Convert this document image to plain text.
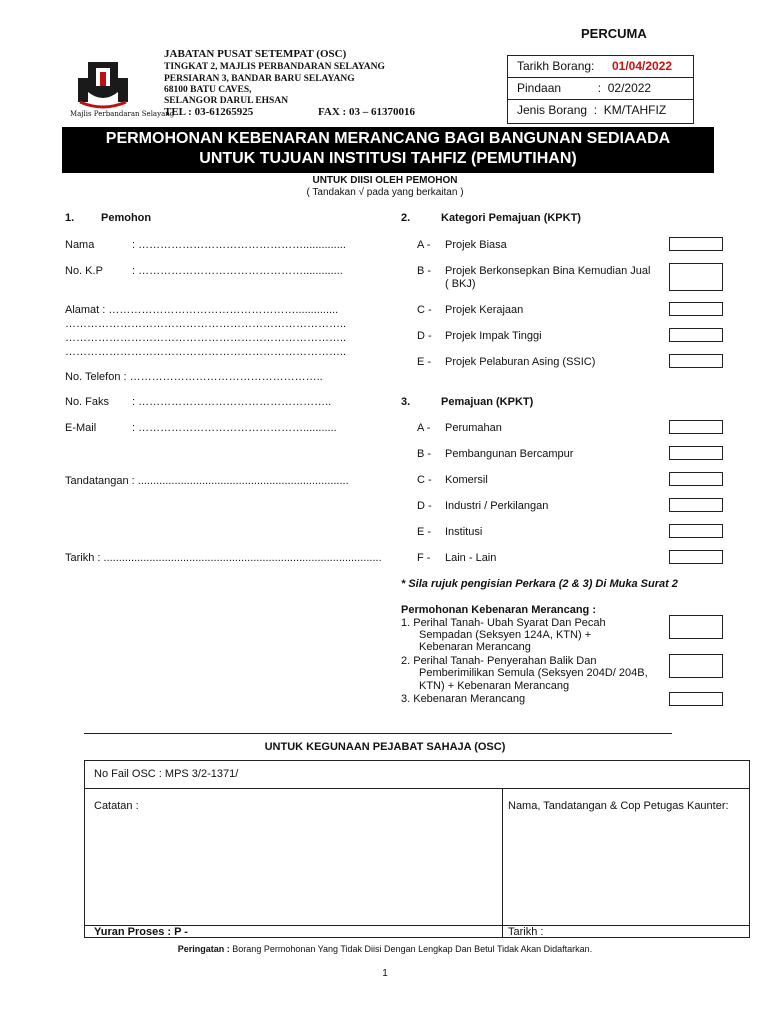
PERCUMA
Majlis Perbandaran Selayang
JABATAN PUSAT SETEMPAT (OSC)
TINGKAT 2, MAJLIS PERBANDARAN SELAYANG
PERSIARAN 3, BANDAR BARU SELAYANG
68100 BATU CAVES,
SELANGOR DARUL EHSAN
TEL : 03-61265925	FAX : 03 – 61370016
Tarikh Borang: 01/04/2022
Pindaan           :  02/2022
Jenis Borang  :  KM/TAHFIZ
PERMOHONAN KEBENARAN MERANCANG BAGI BANGUNAN SEDIAADA
UNTUK TUJUAN INSTITUSI TAHFIZ (PEMUTIHAN)
UNTUK DIISI OLEH PEMOHON
( Tandakan √ pada yang berkaitan )
1. Pemohon
Nama	: ………………………………………..............
No. K.P	: ……………………………………….............
Alamat : ……………………………………………..............
…………………………………………………………………..
…………………………………………………………………..
…………………………………………………………………..
No. Telefon : ……………………………………………..
No. Faks : ……………………………………………..
E-Mail	: ………………………………………...........
Tandatangan : .....................................................................
Tarikh : ...........................................................................................
2.	Kategori Pemajuan (KPKT)
A - Projek Biasa
B - Projek Berkonsepkan Bina Kemudian Jual
( BKJ)
C - Projek Kerajaan
D - Projek Impak Tinggi
E - Projek Pelaburan Asing (SSIC)
3.	Pemajuan (KPKT)
A - Perumahan
B - Pembangunan Bercampur
C - Komersil
D - Industri / Perkilangan
E - Institusi
F - Lain - Lain
* Sila rujuk pengisian Perkara (2 & 3) Di Muka Surat 2
Permohonan Kebenaran Merancang :
1. Perihal Tanah- Ubah Syarat Dan Pecah
Sempadan (Seksyen 124A, KTN) +
Kebenaran Merancang
2. Perihal Tanah- Penyerahan Balik Dan
Pemberimilikan Semula (Seksyen 204D/ 204B,
KTN) + Kebenaran Merancang
3. Kebenaran Merancang
UNTUK KEGUNAAN PEJABAT SAHAJA (OSC)
No Fail OSC : MPS 3/2-1371/
Catatan :	Nama, Tandatangan & Cop Petugas Kaunter:
Yuran Proses : P -	Tarikh :
Peringatan : Borang Permohonan Yang Tidak Diisi Dengan Lengkap Dan Betul Tidak Akan Didaftarkan.
1
